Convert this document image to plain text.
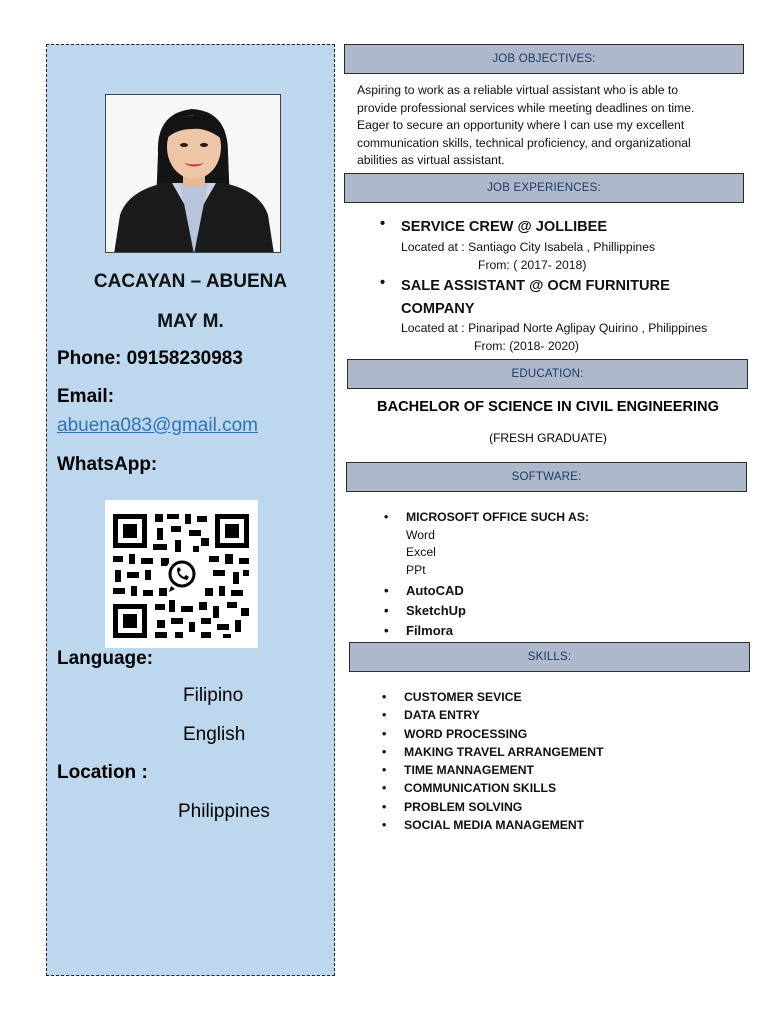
CACAYAN – ABUENA
MAY M.
Phone: 09158230983
Email:
abuena083@gmail.com
WhatsApp:
Language:
Filipino
English
Location :
Philippines
JOB OBJECTIVES:
Aspiring to work as a reliable virtual assistant who is able to
provide professional services while meeting deadlines on time.
Eager to secure an opportunity where I can use my excellent
communication skills, technical proficiency, and organizational
abilities as virtual assistant.
JOB EXPERIENCES:
• SERVICE CREW @ JOLLIBEE
Located at : Santiago City Isabela , Phillippines
From: ( 2017- 2018)
• SALE ASSISTANT @ OCM FURNITURE
COMPANY
Located at : Pinaripad Norte Aglipay Quirino , Philippines
From: (2018- 2020)
EDUCATION:
BACHELOR OF SCIENCE IN CIVIL ENGINEERING
(FRESH GRADUATE)
SOFTWARE:
• MICROSOFT OFFICE SUCH AS:
Word
Excel
PPt
• AutoCAD
• SketchUp
• Filmora
SKILLS:
• CUSTOMER SEVICE
• DATA ENTRY
• WORD PROCESSING
• MAKING TRAVEL ARRANGEMENT
• TIME MANNAGEMENT
• COMMUNICATION SKILLS
• PROBLEM SOLVING
• SOCIAL MEDIA MANAGEMENT
